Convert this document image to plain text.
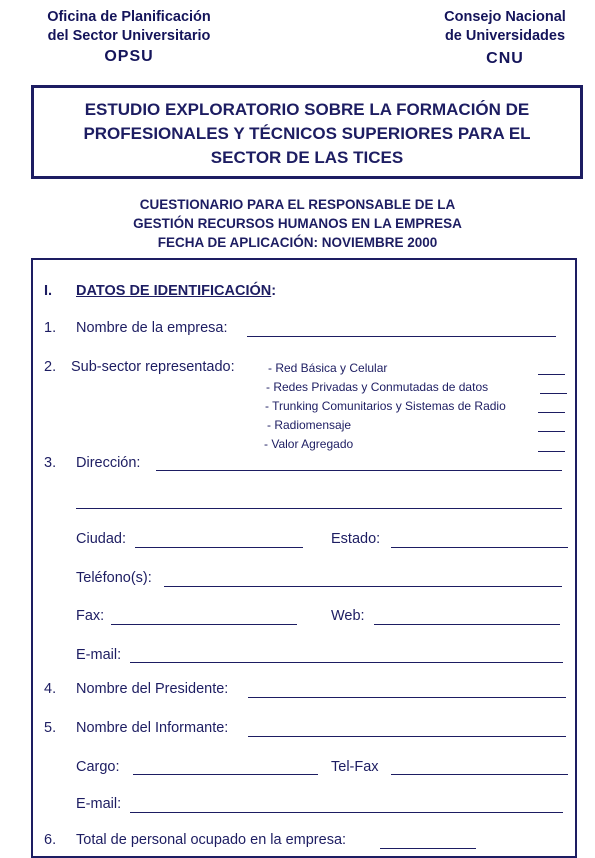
Oficina de Planificación
del Sector Universitario
OPSU
Consejo Nacional
de Universidades
CNU
ESTUDIO EXPLORATORIO SOBRE LA FORMACIÓN DE
PROFESIONALES Y TÉCNICOS SUPERIORES PARA EL
SECTOR DE LAS TICES
CUESTIONARIO PARA EL RESPONSABLE DE LA
GESTIÓN RECURSOS HUMANOS EN LA EMPRESA
FECHA DE APLICACIÓN: NOVIEMBRE 2000
I. DATOS DE IDENTIFICACIÓN:
1. Nombre de la empresa:
2. Sub-sector representado:	- Red Básica y Celular
- Redes Privadas y Conmutadas de datos
- Trunking Comunitarios y Sistemas de Radio
- Radiomensaje
- Valor Agregado
3. Dirección:
Ciudad:	Estado:
Teléfono(s):
Fax:	Web:
E-mail:
4. Nombre del Presidente:
5. Nombre del Informante:
Cargo:	Tel-Fax
E-mail:
6. Total de personal ocupado en la empresa:
